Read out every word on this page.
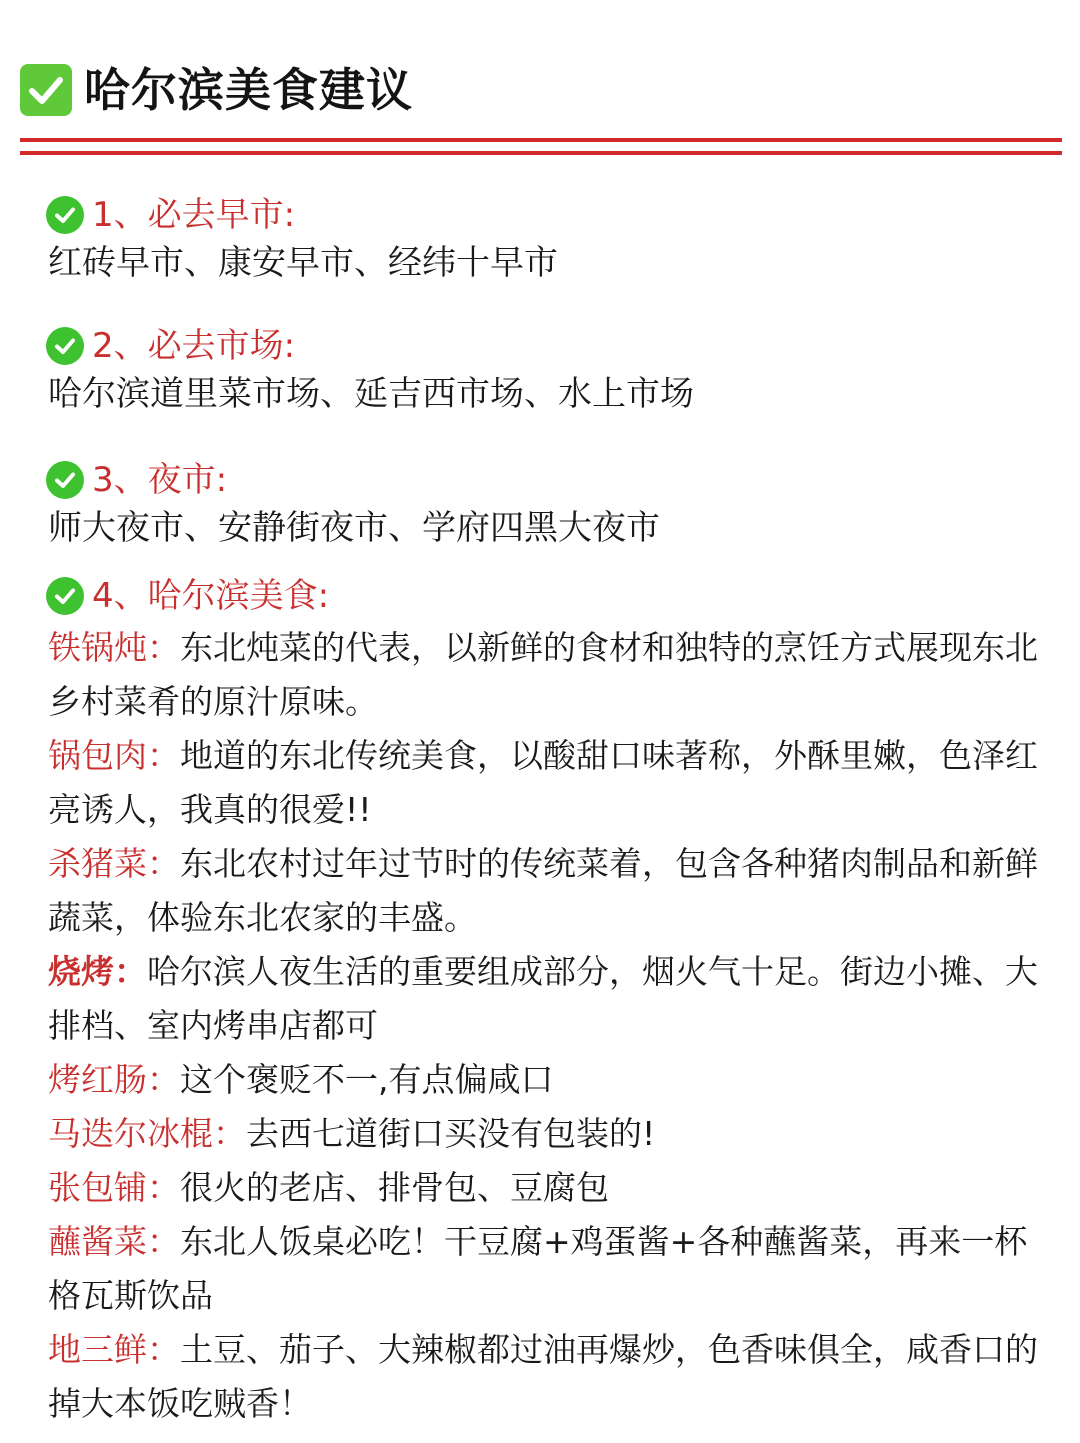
哈尔滨美食建议
1、必去早市:
红砖早市、康安早市、经纬十早市
2、必去市场:
哈尔滨道里菜市场、延吉西市场、水上市场
3、夜市:
师大夜市、安静街夜市、学府四黑大夜市
4、哈尔滨美食:
铁锅炖：东北炖菜的代表，以新鲜的食材和独特的烹饪方式展现东北乡村菜肴的原汁原味。
锅包肉：地道的东北传统美食，以酸甜口味著称，外酥里嫩，色泽红亮诱人，我真的很爱!!
杀猪菜：东北农村过年过节时的传统菜着，包含各种猪肉制品和新鲜蔬菜，体验东北农家的丰盛。
烧烤：哈尔滨人夜生活的重要组成部分，烟火气十足。街边小摊、大排档、室内烤串店都可
烤红肠：这个褒贬不一,有点偏咸口
马迭尔冰棍：去西七道街口买没有包装的!
张包铺：很火的老店、排骨包、豆腐包
蘸酱菜：东北人饭桌必吃！干豆腐+鸡蛋酱+各种蘸酱菜，再来一杯格瓦斯饮品
地三鲜：土豆、茄子、大辣椒都过油再爆炒，色香味俱全，咸香口的掉大本饭吃贼香！
